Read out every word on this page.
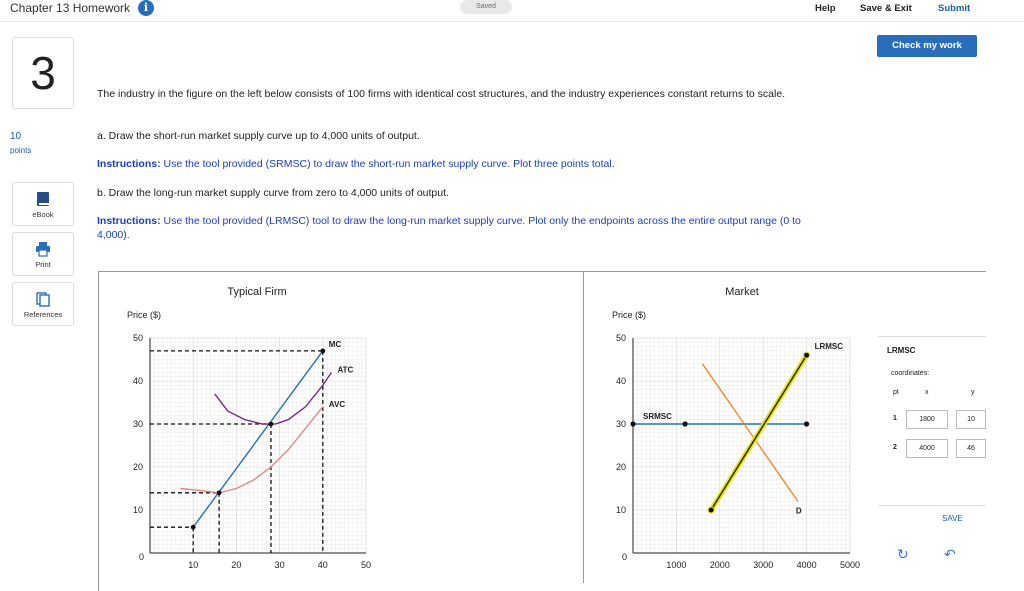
Chapter 13 Homework	i	Saved	Help	Save & Exit	Submit
Check my work
3
10
points
eBook
Print
References
The industry in the figure on the left below consists of 100 firms with identical cost structures, and the industry experiences constant returns to scale.
a. Draw the short-run market supply curve up to 4,000 units of output.
Instructions: Use the tool provided (SRMSC) to draw the short-run market supply curve. Plot three points total.
b. Draw the long-run market supply curve from zero to 4,000 units of output.
Instructions: Use the tool provided (LRMSC) tool to draw the long-run market supply curve. Plot only the endpoints across the entire output range (0 to 4,000).
LRMSC
coordinates:
pt	x	y
1	1800	10
2	4000	46
SAVE
↻	↶
0
10
20
30
40
50
10	20	30	40	50
Typical Firm
Price ($)
MC
ATC
AVC
0
10
20
30
40
50
1000	2000	3000	4000	5000
Market
Price ($)
SRMSC
D
LRMSC
